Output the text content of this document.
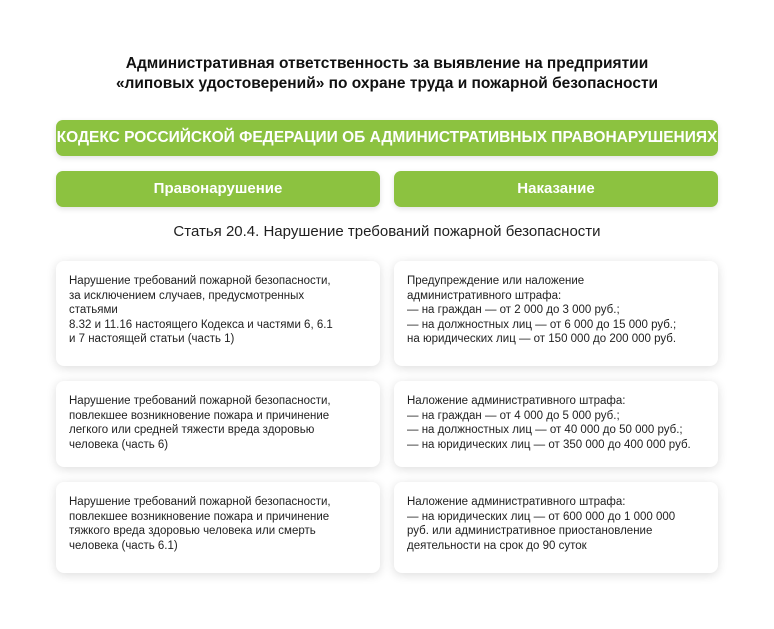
Административная ответственность за выявление на предприятии
«липовых удостоверений» по охране труда и пожарной безопасности
КОДЕКС РОССИЙСКОЙ ФЕДЕРАЦИИ ОБ АДМИНИСТРАТИВНЫХ ПРАВОНАРУШЕНИЯХ
Правонарушение	Наказание
Статья 20.4. Нарушение требований пожарной безопасности
Нарушение требований пожарной безопасности,
за исключением случаев, предусмотренных
статьями
8.32 и 11.16 настоящего Кодекса и частями 6, 6.1
и 7 настоящей статьи (часть 1)
Предупреждение или наложение
административного штрафа:
— на граждан — от 2 000 до 3 000 руб.;
— на должностных лиц — от 6 000 до 15 000 руб.;
на юридических лиц — от 150 000 до 200 000 руб.
Нарушение требований пожарной безопасности,
повлекшее возникновение пожара и причинение
легкого или средней тяжести вреда здоровью
человека (часть 6)
Наложение административного штрафа:
— на граждан — от 4 000 до 5 000 руб.;
— на должностных лиц — от 40 000 до 50 000 руб.;
— на юридических лиц — от 350 000 до 400 000 руб.
Нарушение требований пожарной безопасности,
повлекшее возникновение пожара и причинение
тяжкого вреда здоровью человека или смерть
человека (часть 6.1)
Наложение административного штрафа:
— на юридических лиц — от 600 000 до 1 000 000
руб. или административное приостановление
деятельности на срок до 90 суток
